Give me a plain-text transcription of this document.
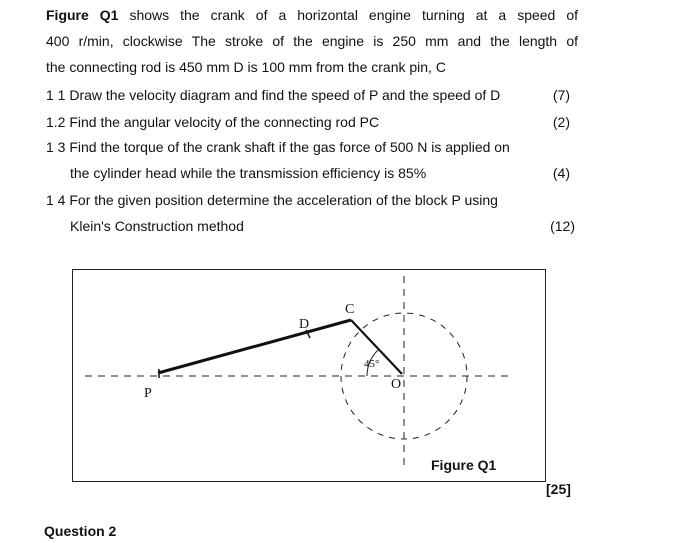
Figure Q1 shows the crank of a horizontal engine turning at a speed of
400 r/min, clockwise The stroke of the engine is 250 mm and the length of
the connecting rod is 450 mm D is 100 mm from the crank pin, C
1 1 Draw the velocity diagram and find the speed of P and the speed of D	(7)
1.2 Find the angular velocity of the connecting rod PC	(2)
1 3 Find the torque of the crank shaft if the gas force of 500 N is applied on
the cylinder head while the transmission efficiency is 85%	(4)
1 4 For the given position determine the acceleration of the block P using
Klein's Construction method	(12)
P
D
C
O
45°
Figure Q1
[25]
Question 2
